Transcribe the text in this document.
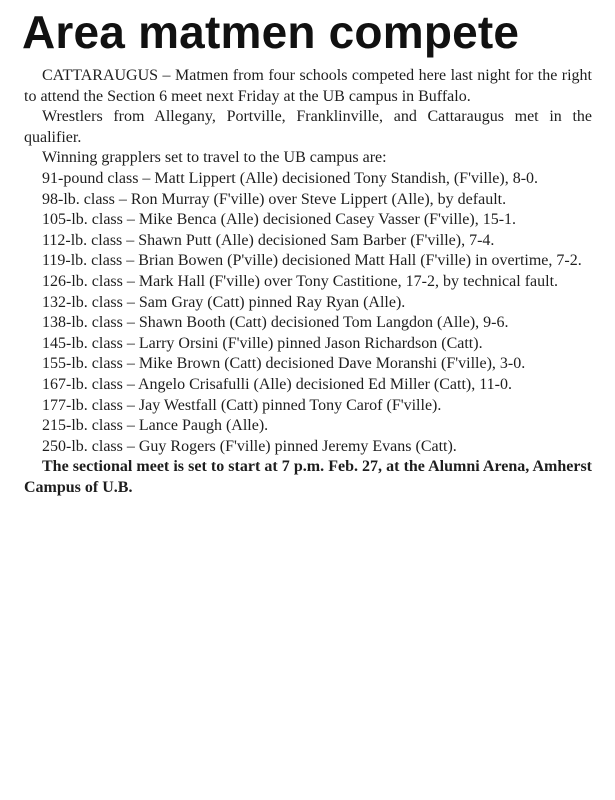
Area matmen compete

CATTARAUGUS – Matmen from four schools competed here last night for the right to attend the Section 6 meet next Friday at the UB campus in Buffalo.

Wrestlers from Allegany, Portville, Franklinville, and Cattaraugus met in the qualifier.

Winning grapplers set to travel to the UB campus are:

91-pound class – Matt Lippert (Alle) decisioned Tony Standish, (F'ville), 8-0.

98-lb. class – Ron Murray (F'ville) over Steve Lippert (Alle), by default.

105-lb. class – Mike Benca (Alle) decisioned Casey Vasser (F'ville), 15-1.

112-lb. class – Shawn Putt (Alle) decisioned Sam Barber (F'ville), 7-4.

119-lb. class – Brian Bowen (P'ville) decisioned Matt Hall (F'ville) in overtime, 7-2.

126-lb. class – Mark Hall (F'ville) over Tony Castitione, 17-2, by technical fault.

132-lb. class – Sam Gray (Catt) pinned Ray Ryan (Alle).

138-lb. class – Shawn Booth (Catt) decisioned Tom Langdon (Alle), 9-6.

145-lb. class – Larry Orsini (F'ville) pinned Jason Richardson (Catt).

155-lb. class – Mike Brown (Catt) decisioned Dave Moranshi (F'ville), 3-0.

167-lb. class – Angelo Crisafulli (Alle) decisioned Ed Miller (Catt), 11-0.

177-lb. class – Jay Westfall (Catt) pinned Tony Carof (F'ville).

215-lb. class – Lance Paugh (Alle).

250-lb. class – Guy Rogers (F'ville) pinned Jeremy Evans (Catt).

The sectional meet is set to start at 7 p.m. Feb. 27, at the Alumni Arena, Amherst Campus of U.B.
